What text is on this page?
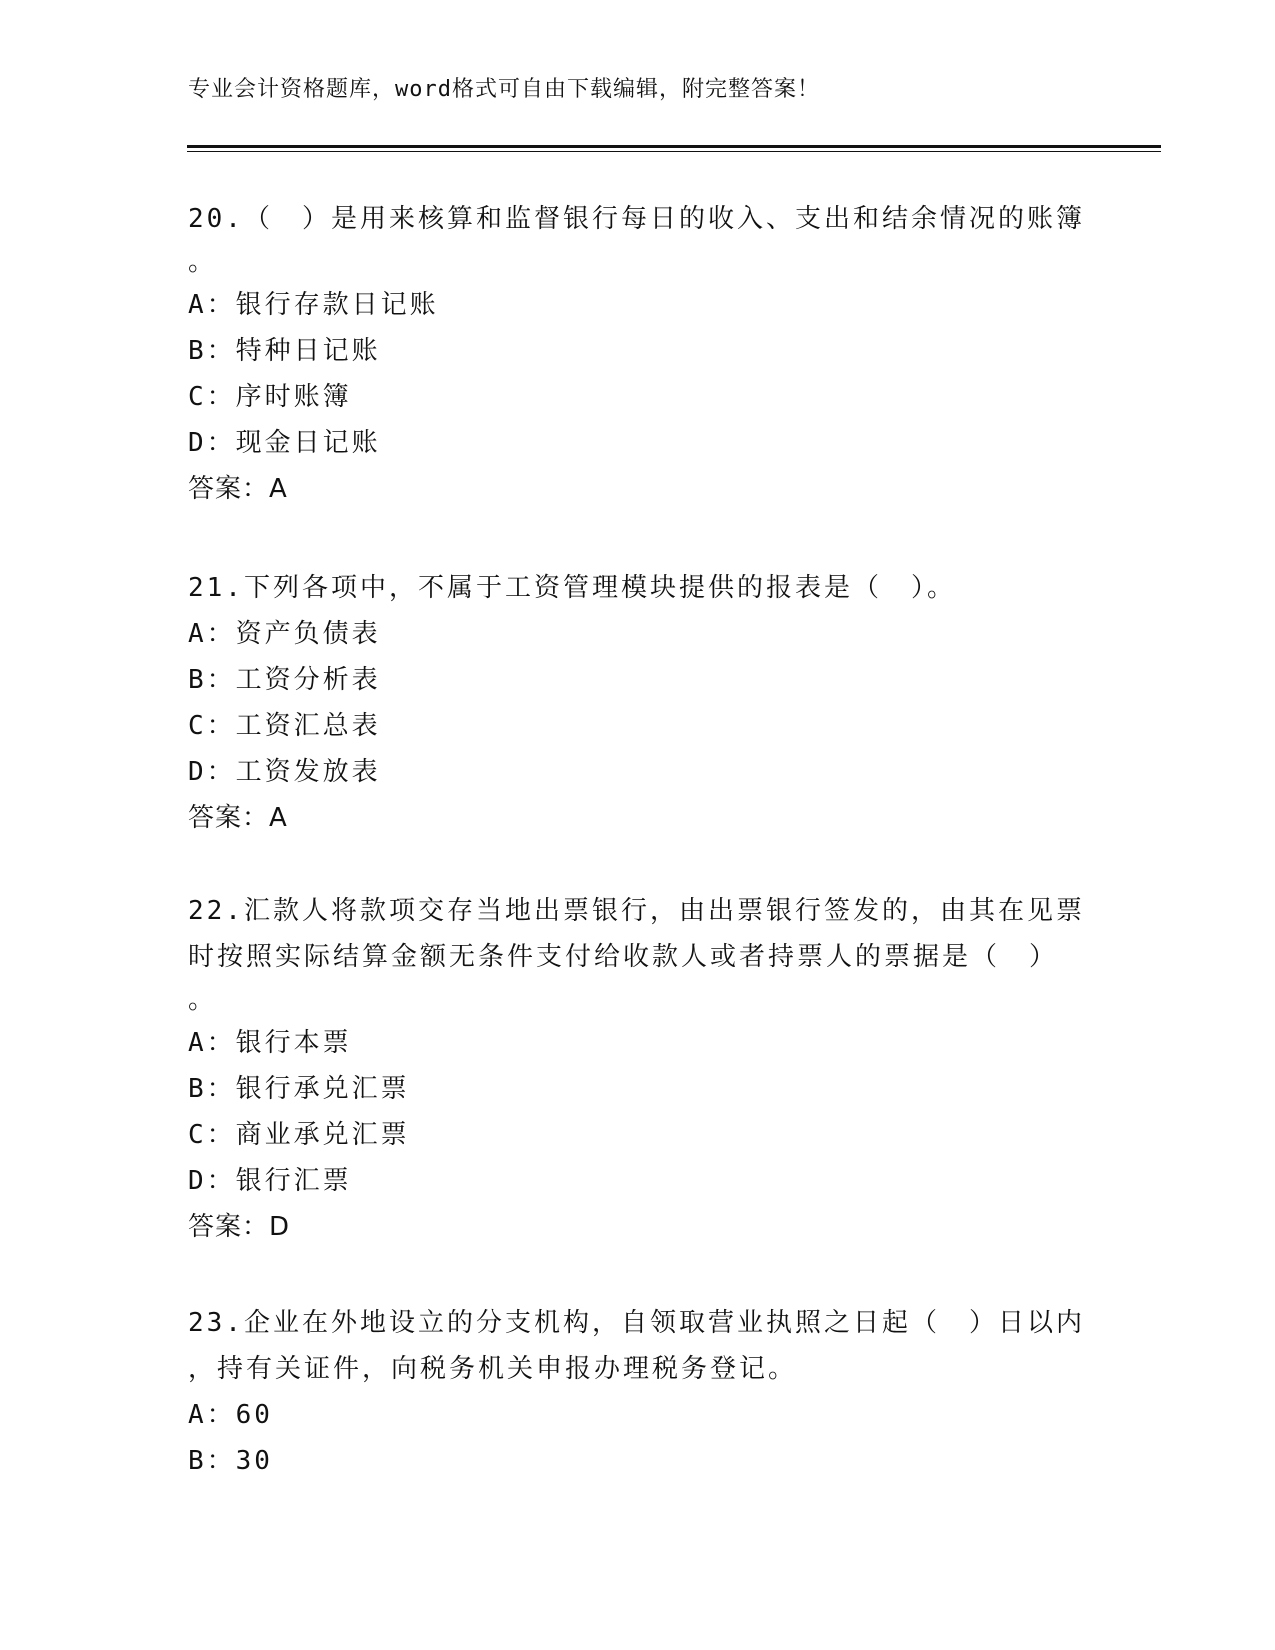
专业会计资格题库，word格式可自由下载编辑，附完整答案！
20.（　）是用来核算和监督银行每日的收入、支出和结余情况的账簿
。
A：银行存款日记账
B：特种日记账
C：序时账簿
D：现金日记账
答案：A
21.下列各项中，不属于工资管理模块提供的报表是（　）。
A：资产负债表
B：工资分析表
C：工资汇总表
D：工资发放表
答案：A
22.汇款人将款项交存当地出票银行，由出票银行签发的，由其在见票
时按照实际结算金额无条件支付给收款人或者持票人的票据是（　）
。
A：银行本票
B：银行承兑汇票
C：商业承兑汇票
D：银行汇票
答案：D
23.企业在外地设立的分支机构，自领取营业执照之日起（　）日以内
，持有关证件，向税务机关申报办理税务登记。
A：60
B：30
